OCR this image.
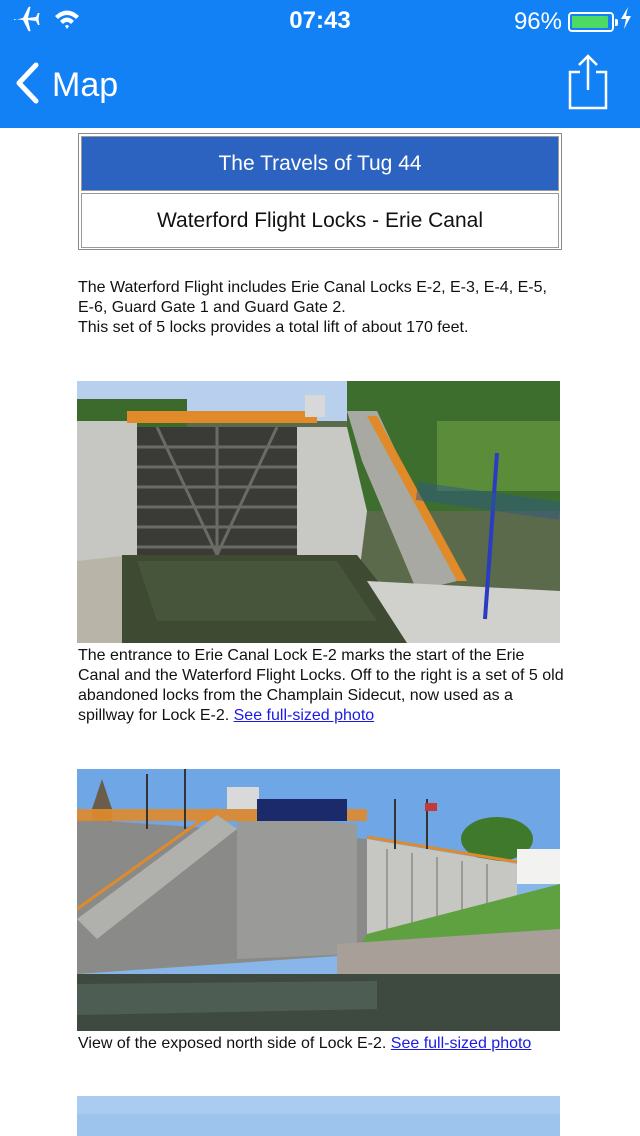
07:43	96%
Map
The Travels of Tug 44
Waterford Flight Locks - Erie Canal
The Waterford Flight includes Erie Canal Locks E-2, E-3, E-4, E-5, E-6, Guard Gate 1 and Guard Gate 2.
This set of 5 locks provides a total lift of about 170 feet.
The entrance to Erie Canal Lock E-2 marks the start of the Erie Canal and the Waterford Flight Locks. Off to the right is a set of 5 old abandoned locks from the Champlain Sidecut, now used as a spillway for Lock E-2. See full-sized photo
View of the exposed north side of Lock E-2. See full-sized photo
